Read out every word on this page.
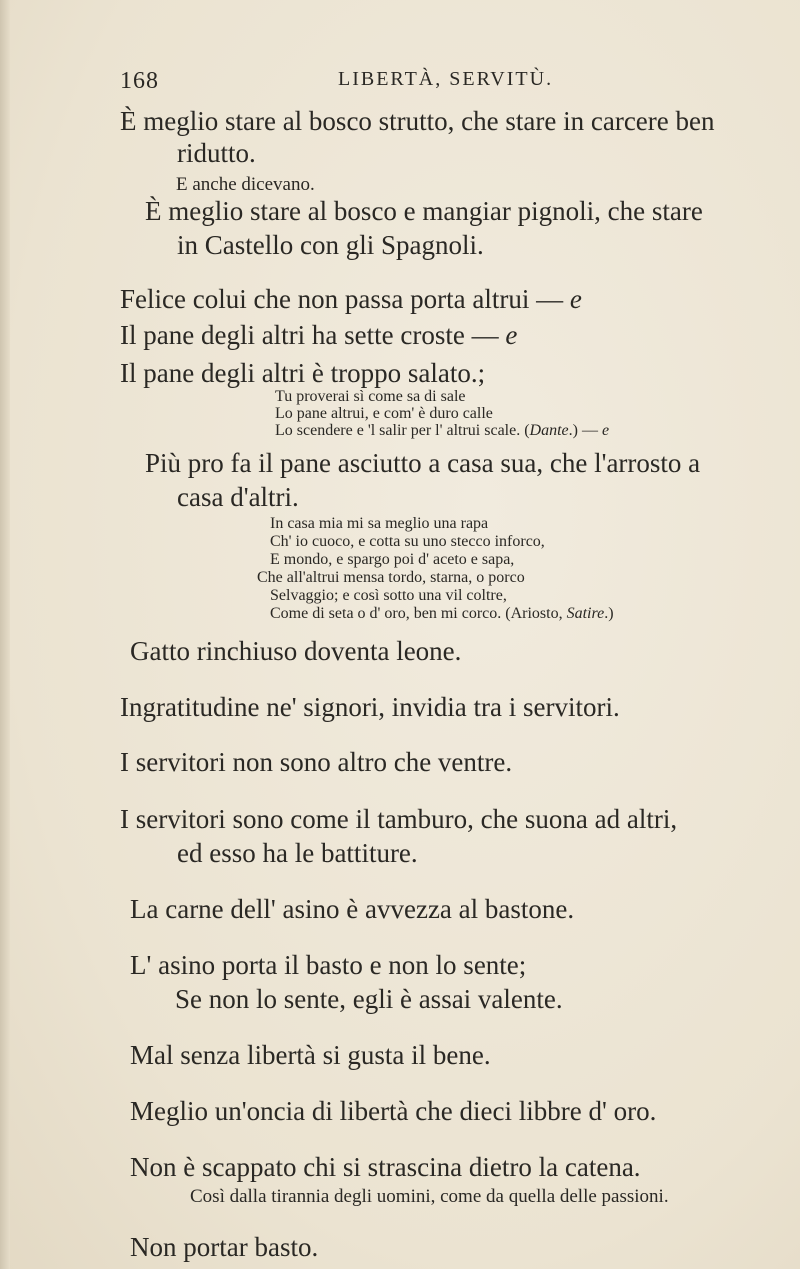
168	LIBERTÀ, SERVITÙ.
È meglio stare al bosco strutto, che stare in carcere ben
ridutto.
E anche dicevano.
È meglio stare al bosco e mangiar pignoli, che stare
in Castello con gli Spagnoli.
Felice colui che non passa porta altrui — e
Il pane degli altri ha sette croste — e
Il pane degli altri è troppo salato.;
Tu proverai sì come sa di sale
Lo pane altrui, e com' è duro calle
Lo scendere e 'l salir per l' altrui scale. (Dante.) — e
Più pro fa il pane asciutto a casa sua, che l'arrosto a
casa d'altri.
In casa mia mi sa meglio una rapa
Ch' io cuoco, e cotta su uno stecco inforco,
E mondo, e spargo poi d' aceto e sapa,
Che all'altrui mensa tordo, starna, o porco
Selvaggio; e così sotto una vil coltre,
Come di seta o d' oro, ben mi corco. (Ariosto, Satire.)
Gatto rinchiuso doventa leone.
Ingratitudine ne' signori, invidia tra i servitori.
I servitori non sono altro che ventre.
I servitori sono come il tamburo, che suona ad altri,
ed esso ha le battiture.
La carne dell' asino è avvezza al bastone.
L' asino porta il basto e non lo sente;
Se non lo sente, egli è assai valente.
Mal senza libertà si gusta il bene.
Meglio un'oncia di libertà che dieci libbre d' oro.
Non è scappato chi si strascina dietro la catena.
Così dalla tirannia degli uomini, come da quella delle passioni.
Non portar basto.
